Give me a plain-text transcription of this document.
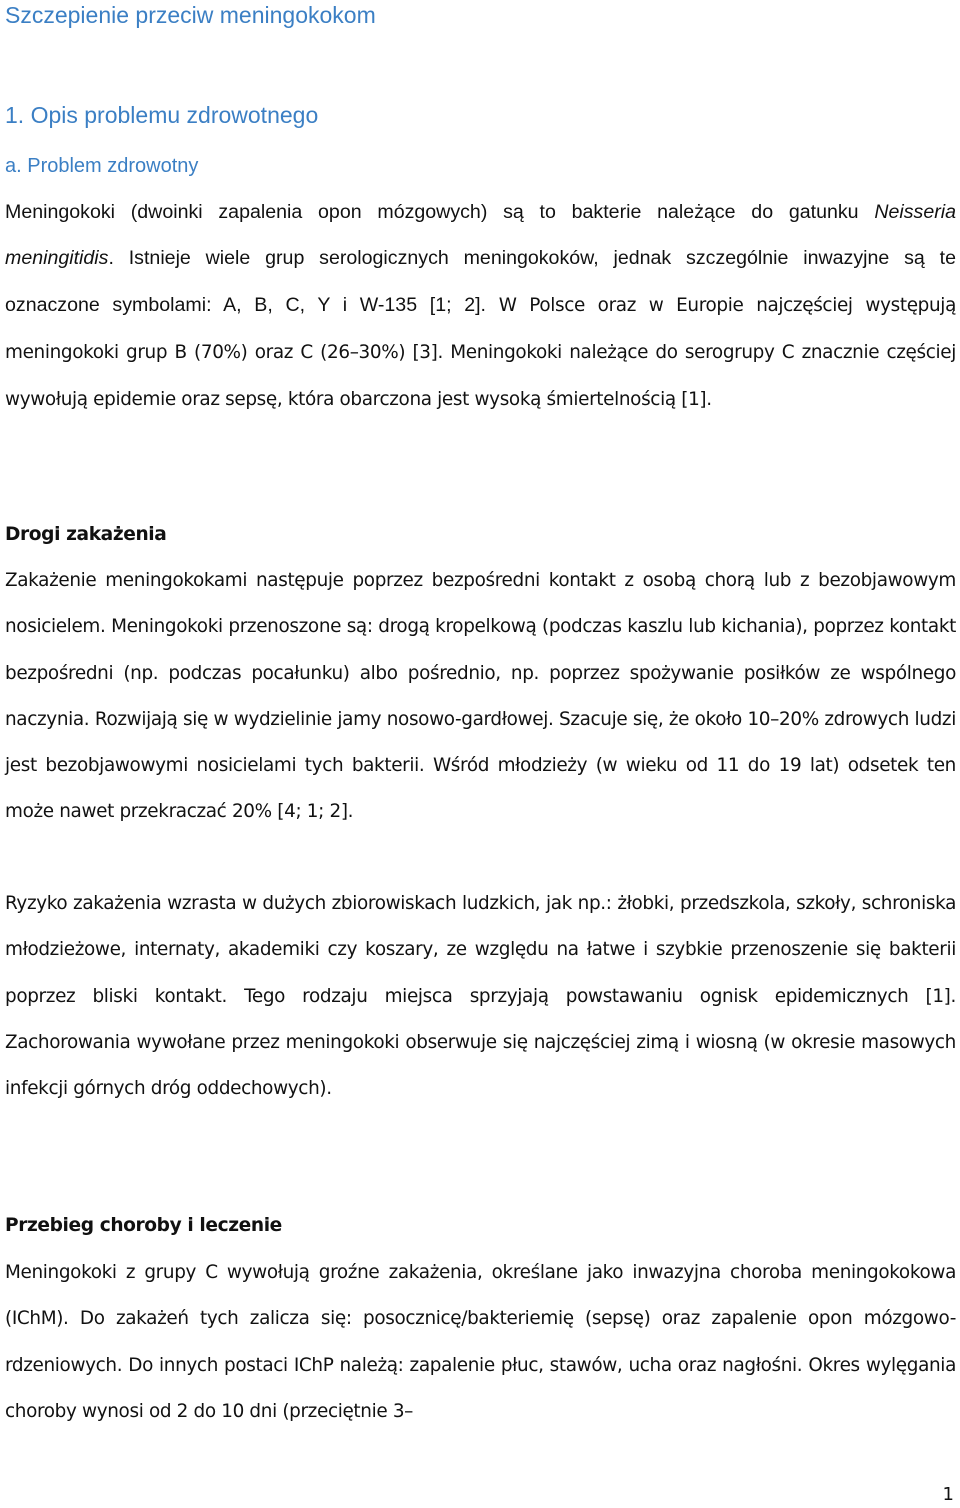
Szczepienie przeciw meningokokom
1. Opis problemu zdrowotnego
a. Problem zdrowotny

Meningokoki (dwoinki zapalenia opon mózgowych) są to bakterie należące do gatunku Neisseria meningitidis. Istnieje wiele grup serologicznych meningokoków, jednak szczególnie inwazyjne są te oznaczone symbolami: A, B, C, Y i W-135 [1; 2]. W Polsce oraz w Europie najczęściej występują meningokoki grup B (70%) oraz C (26–30%) [3]. Meningokoki należące do serogrupy C znacznie częściej wywołują epidemie oraz sepsę, która obarczona jest wysoką śmiertelnością [1].

Drogi zakażenia

Zakażenie meningokokami następuje poprzez bezpośredni kontakt z osobą chorą lub z bezobjawowym nosicielem. Meningokoki przenoszone są: drogą kropelkową (podczas kaszlu lub kichania), poprzez kontakt bezpośredni (np. podczas pocałunku) albo pośrednio, np. poprzez spożywanie posiłków ze wspólnego naczynia. Rozwijają się w wydzielinie jamy nosowo-gardłowej. Szacuje się, że około 10–20% zdrowych ludzi jest bezobjawowymi nosicielami tych bakterii. Wśród młodzieży (w wieku od 11 do 19 lat) odsetek ten może nawet przekraczać 20% [4; 1; 2].

Ryzyko zakażenia wzrasta w dużych zbiorowiskach ludzkich, jak np.: żłobki, przedszkola, szkoły, schroniska młodzieżowe, internaty, akademiki czy koszary, ze względu na łatwe i szybkie przenoszenie się bakterii poprzez bliski kontakt. Tego rodzaju miejsca sprzyjają powstawaniu ognisk epidemicznych [1]. Zachorowania wywołane przez meningokoki obserwuje się najczęściej zimą i wiosną (w okresie masowych infekcji górnych dróg oddechowych).

Przebieg choroby i leczenie

Meningokoki z grupy C wywołują groźne zakażenia, określane jako inwazyjna choroba meningokokowa (IChM). Do zakażeń tych zalicza się: posocznicę/bakteriemię (sepsę) oraz zapalenie opon mózgowo-rdzeniowych. Do innych postaci IChP należą: zapalenie płuc, stawów, ucha oraz nagłośni. Okres wylęgania choroby wynosi od 2 do 10 dni (przeciętnie 3–

1
